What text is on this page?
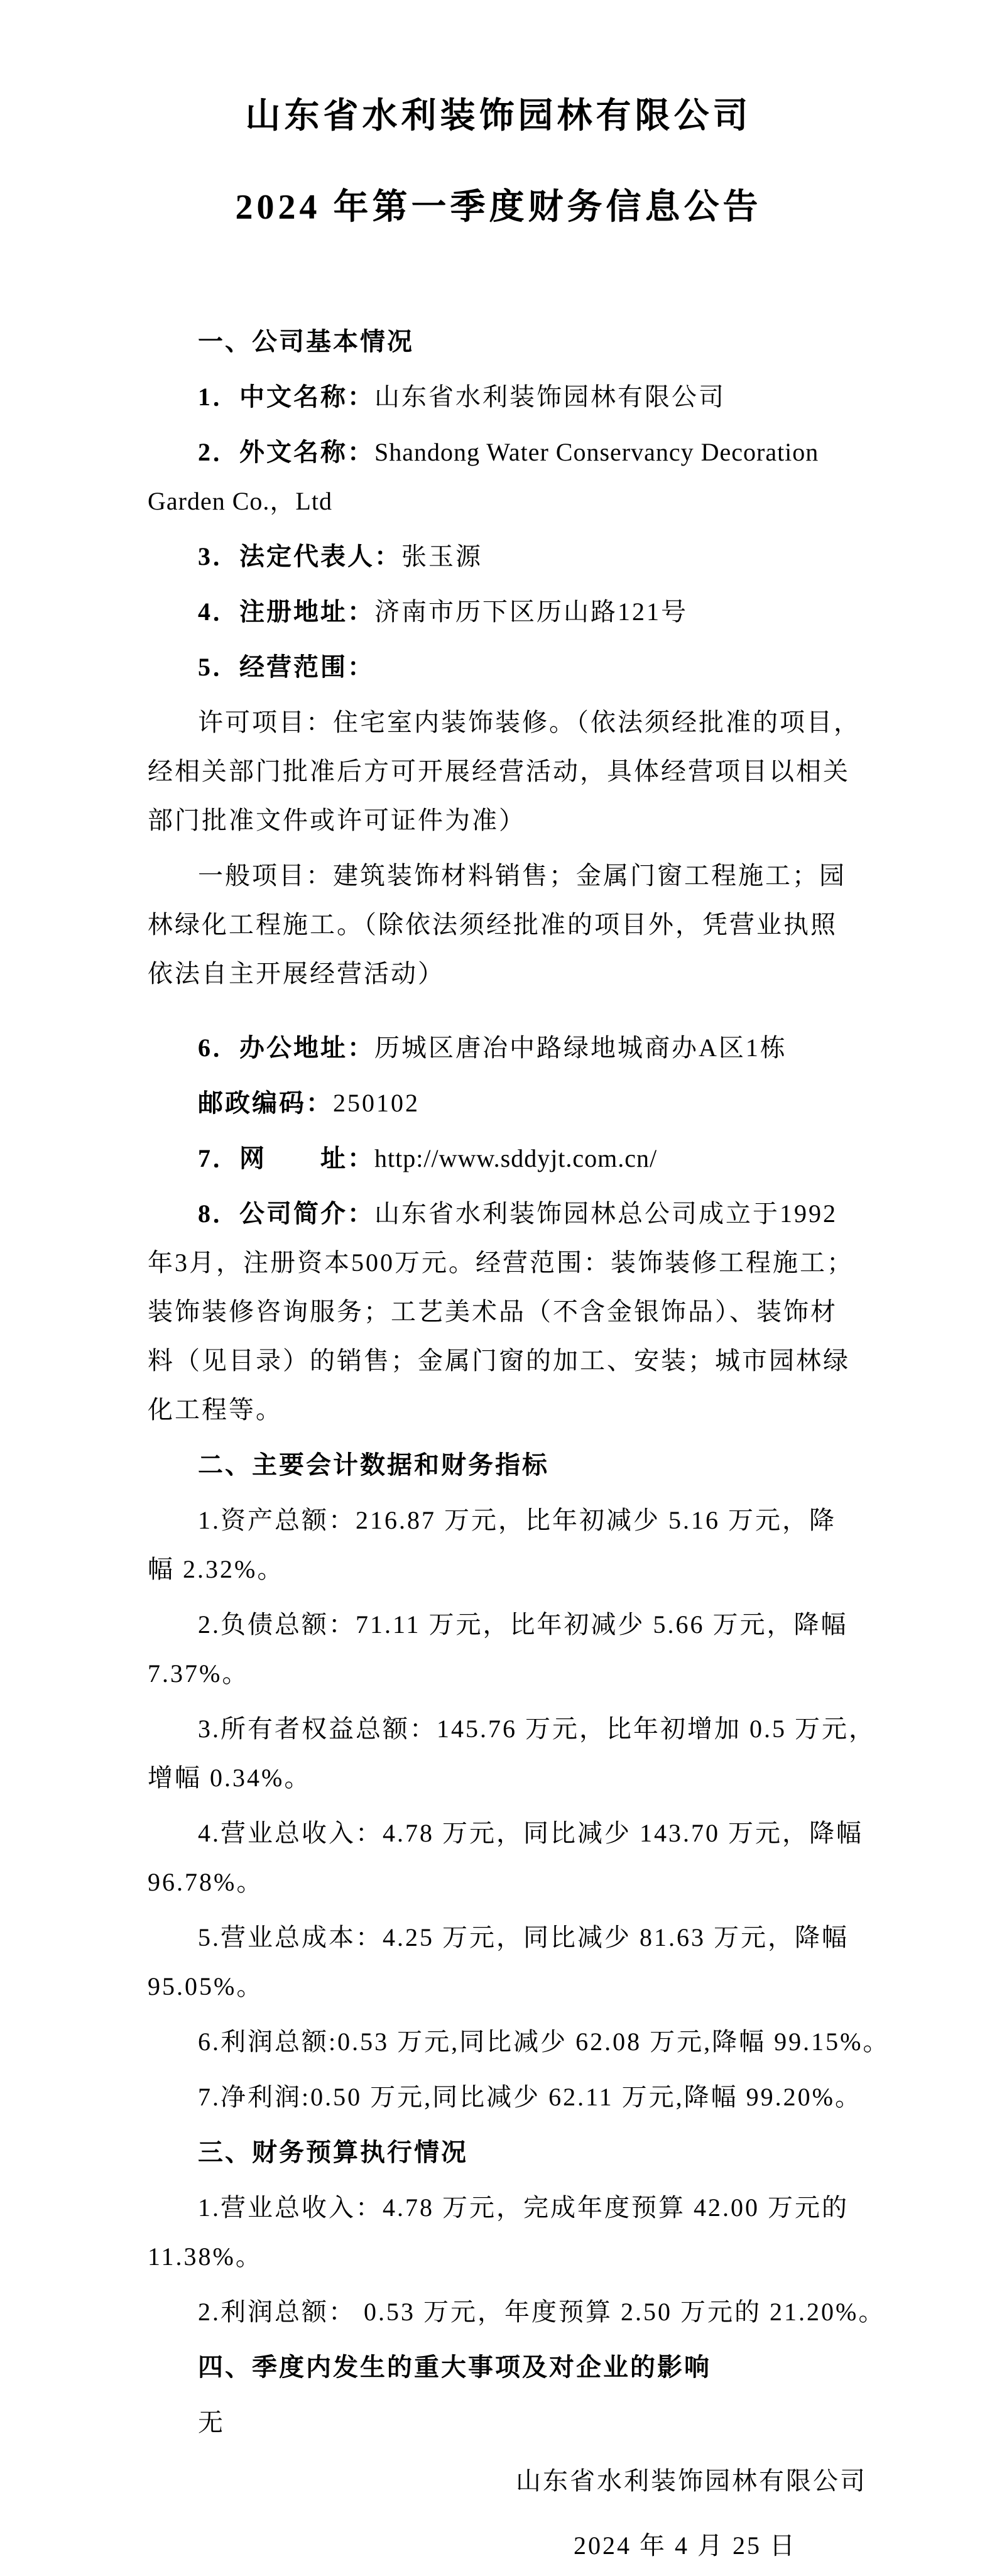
山东省水利装饰园林有限公司
2024 年第一季度财务信息公告
一、公司基本情况
1．中文名称：山东省水利装饰园林有限公司
2．外文名称：Shandong Water Conservancy Decoration
Garden Co.，Ltd
3．法定代表人：张玉源
4．注册地址：济南市历下区历山路121号
5．经营范围：
许可项目：住宅室内装饰装修。（依法须经批准的项目，
经相关部门批准后方可开展经营活动，具体经营项目以相关
部门批准文件或许可证件为准）
一般项目：建筑装饰材料销售；金属门窗工程施工；园
林绿化工程施工。（除依法须经批准的项目外，凭营业执照
依法自主开展经营活动）
6．办公地址：历城区唐冶中路绿地城商办A区1栋
邮政编码：250102
7．网　　址：http://www.sddyjt.com.cn/
8．公司简介：山东省水利装饰园林总公司成立于1992
年3月，注册资本500万元。经营范围：装饰装修工程施工；
装饰装修咨询服务；工艺美术品（不含金银饰品）、装饰材
料（见目录）的销售；金属门窗的加工、安装；城市园林绿
化工程等。
二、主要会计数据和财务指标
1.资产总额：216.87 万元，比年初减少 5.16 万元，降
幅 2.32%。
2.负债总额：71.11 万元，比年初减少 5.66 万元，降幅
7.37%。
3.所有者权益总额：145.76 万元，比年初增加 0.5 万元，
增幅 0.34%。
4.营业总收入：4.78 万元，同比减少 143.70 万元，降幅
96.78%。
5.营业总成本：4.25 万元，同比减少 81.63 万元，降幅
95.05%。
6.利润总额:0.53 万元,同比减少 62.08 万元,降幅 99.15%。
7.净利润:0.50 万元,同比减少 62.11 万元,降幅 99.20%。
三、财务预算执行情况
1.营业总收入：4.78 万元，完成年度预算 42.00 万元的
11.38%。
2.利润总额： 0.53 万元，年度预算 2.50 万元的 21.20%。
四、季度内发生的重大事项及对企业的影响
无
山东省水利装饰园林有限公司
2024 年 4 月 25 日
